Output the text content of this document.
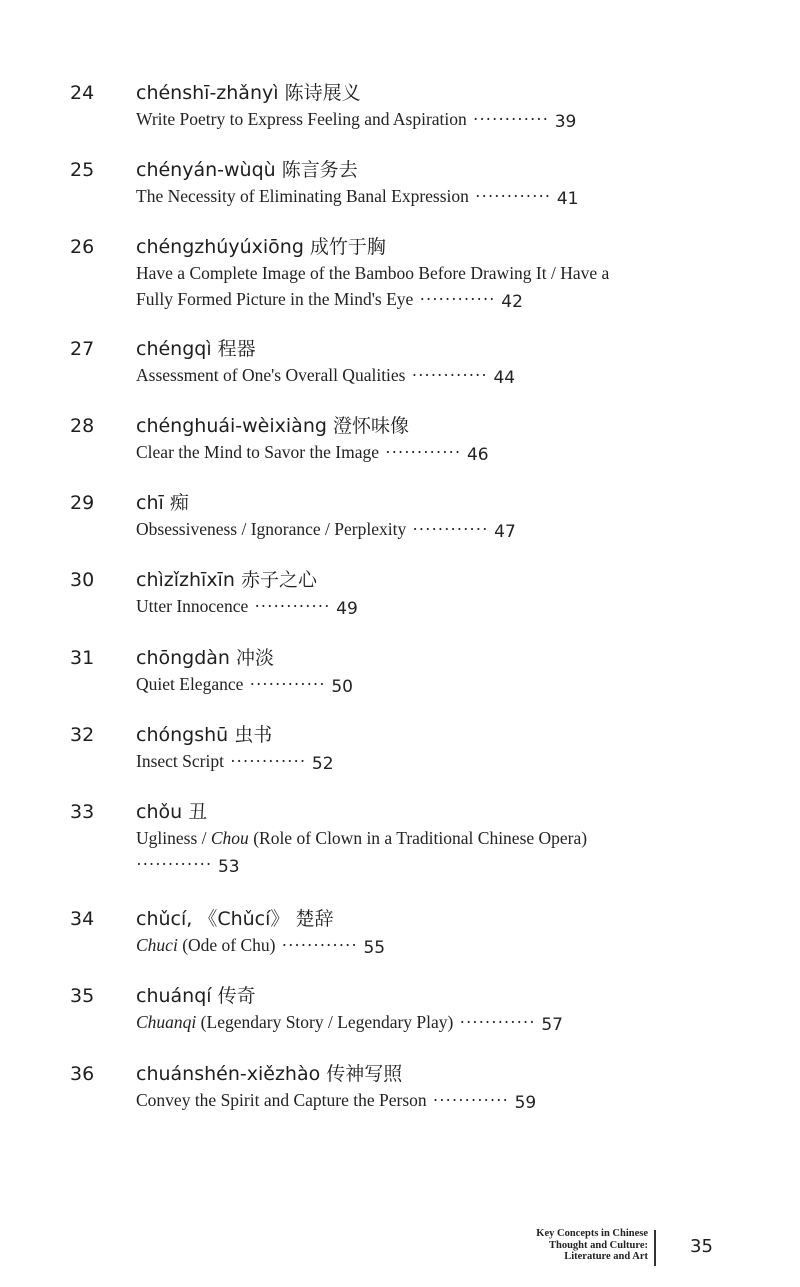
24 chénshī-zhǎnyì 陈诗展义
Write Poetry to Express Feeling and Aspiration ············ 39
25 chényán-wùqù 陈言务去
The Necessity of Eliminating Banal Expression ············ 41
26 chéngzhúyúxiōng 成竹于胸
Have a Complete Image of the Bamboo Before Drawing It / Have a
Fully Formed Picture in the Mind's Eye ············ 42
27 chéngqì 程器
Assessment of One's Overall Qualities ············ 44
28 chénghuái-wèixiàng 澄怀味像
Clear the Mind to Savor the Image ············ 46
29 chī 痴
Obsessiveness / Ignorance / Perplexity ············ 47
30 chìzǐzhīxīn 赤子之心
Utter Innocence ············ 49
31 chōngdàn 冲淡
Quiet Elegance ············ 50
32 chóngshū 虫书
Insect Script ············ 52
33 chǒu 丑
Ugliness / Chou (Role of Clown in a Traditional Chinese Opera)
············ 53
34 chǔcí, 《Chǔcí》 楚辞
Chuci (Ode of Chu) ············ 55
35 chuánqí 传奇
Chuanqi (Legendary Story / Legendary Play) ············ 57
36 chuánshén-xiězhào 传神写照
Convey the Spirit and Capture the Person ············ 59
Key Concepts in Chinese
Thought and Culture:
Literature and Art 35
